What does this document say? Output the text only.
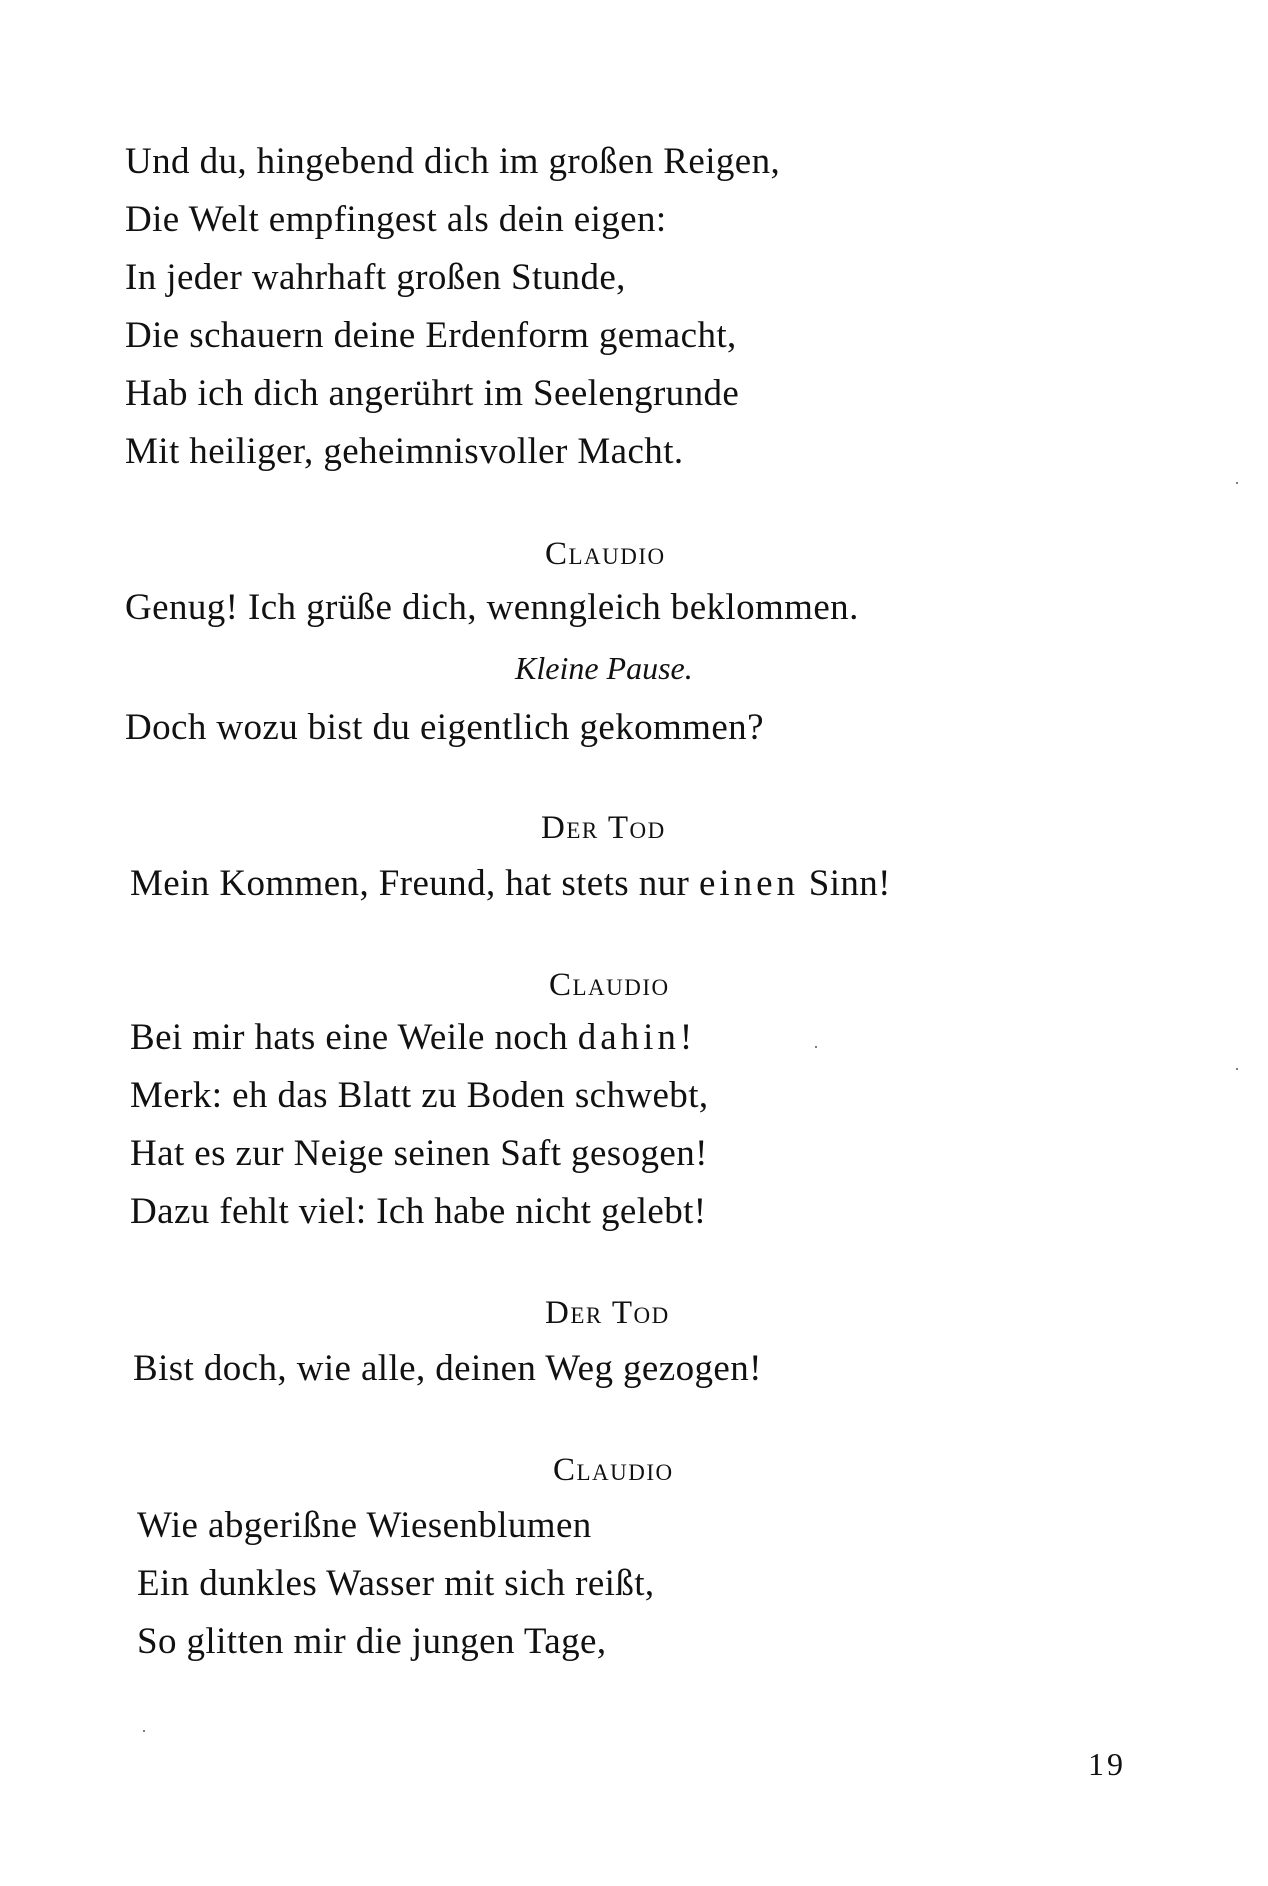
Und du, hingebend dich im großen Reigen,
Die Welt empfingest als dein eigen:
In jeder wahrhaft großen Stunde,
Die schauern deine Erdenform gemacht,
Hab ich dich angerührt im Seelengrunde
Mit heiliger, geheimnisvoller Macht.
Claudio
Genug! Ich grüße dich, wenngleich beklommen.
Kleine Pause.
Doch wozu bist du eigentlich gekommen?
Der Tod
Mein Kommen, Freund, hat stets nur einen Sinn!
Claudio
Bei mir hats eine Weile noch dahin!
Merk: eh das Blatt zu Boden schwebt,
Hat es zur Neige seinen Saft gesogen!
Dazu fehlt viel: Ich habe nicht gelebt!
Der Tod
Bist doch, wie alle, deinen Weg gezogen!
Claudio
Wie abgerißne Wiesenblumen
Ein dunkles Wasser mit sich reißt,
So glitten mir die jungen Tage,
19
